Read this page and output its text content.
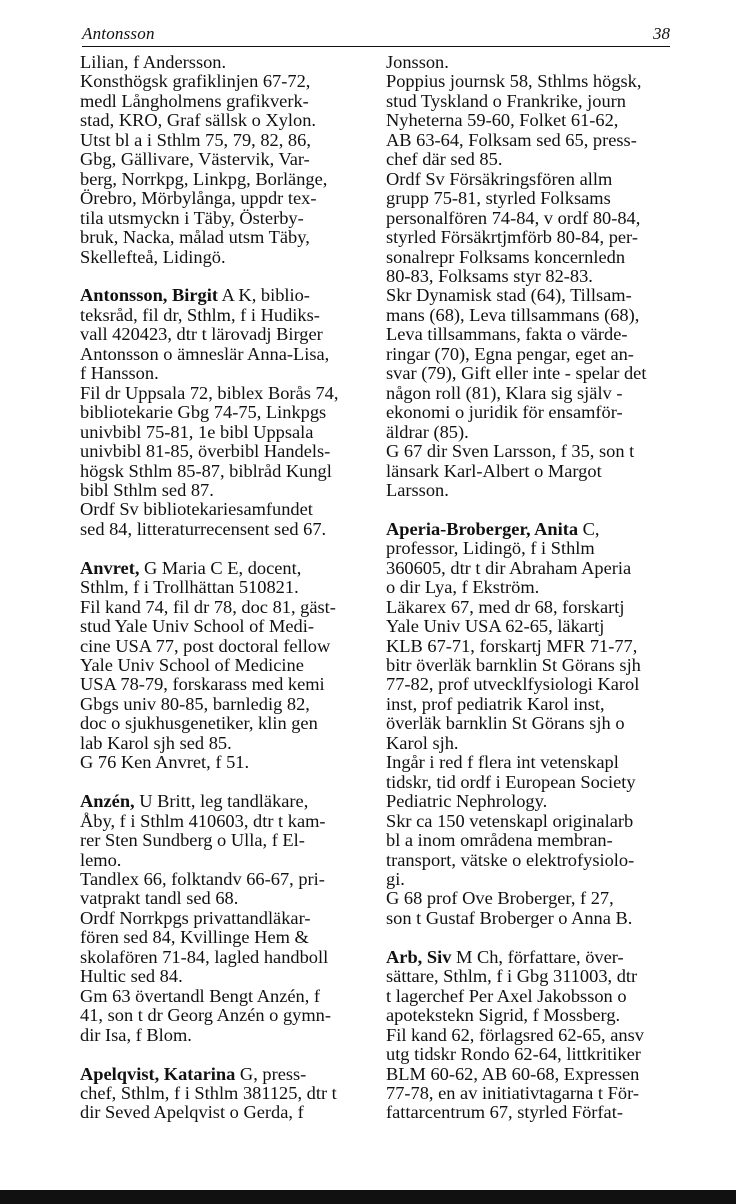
Antonsson	38
Lilian, f Andersson.
Konsthögsk grafiklinjen 67-72,
medl Långholmens grafikverk-
stad, KRO, Graf sällsk o Xylon.
Utst bl a i Sthlm 75, 79, 82, 86,
Gbg, Gällivare, Västervik, Var-
berg, Norrkpg, Linkpg, Borlänge,
Örebro, Mörbylånga, uppdr tex-
tila utsmyckn i Täby, Österby-
bruk, Nacka, målad utsm Täby,
Skellefteå, Lidingö.
Antonsson, Birgit A K, biblio-
teksråd, fil dr, Sthlm, f i Hudiks-
vall 420423, dtr t lärovadj Birger
Antonsson o ämneslär Anna-Lisa,
f Hansson.
Fil dr Uppsala 72, biblex Borås 74,
bibliotekarie Gbg 74-75, Linkpgs
univbibl 75-81, 1e bibl Uppsala
univbibl 81-85, överbibl Handels-
högsk Sthlm 85-87, biblråd Kungl
bibl Sthlm sed 87.
Ordf Sv bibliotekariesamfundet
sed 84, litteraturrecensent sed 67.
Anvret, G Maria C E, docent,
Sthlm, f i Trollhättan 510821.
Fil kand 74, fil dr 78, doc 81, gäst-
stud Yale Univ School of Medi-
cine USA 77, post doctoral fellow
Yale Univ School of Medicine
USA 78-79, forskarass med kemi
Gbgs univ 80-85, barnledig 82,
doc o sjukhusgenetiker, klin gen
lab Karol sjh sed 85.
G 76 Ken Anvret, f 51.
Anzén, U Britt, leg tandläkare,
Åby, f i Sthlm 410603, dtr t kam-
rer Sten Sundberg o Ulla, f El-
lemo.
Tandlex 66, folktandv 66-67, pri-
vatprakt tandl sed 68.
Ordf Norrkpgs privattandläkar-
fören sed 84, Kvillinge Hem &
skolafören 71-84, lagled handboll
Hultic sed 84.
Gm 63 övertandl Bengt Anzén, f
41, son t dr Georg Anzén o gymn-
dir Isa, f Blom.
Apelqvist, Katarina G, press-
chef, Sthlm, f i Sthlm 381125, dtr t
dir Seved Apelqvist o Gerda, f
Jonsson.
Poppius journsk 58, Sthlms högsk,
stud Tyskland o Frankrike, journ
Nyheterna 59-60, Folket 61-62,
AB 63-64, Folksam sed 65, press-
chef där sed 85.
Ordf Sv Försäkringsfören allm
grupp 75-81, styrled Folksams
personalfören 74-84, v ordf 80-84,
styrled Försäkrtjmförb 80-84, per-
sonalrepr Folksams koncernledn
80-83, Folksams styr 82-83.
Skr Dynamisk stad (64), Tillsam-
mans (68), Leva tillsammans (68),
Leva tillsammans, fakta o värde-
ringar (70), Egna pengar, eget an-
svar (79), Gift eller inte - spelar det
någon roll (81), Klara sig själv -
ekonomi o juridik för ensamför-
äldrar (85).
G 67 dir Sven Larsson, f 35, son t
länsark Karl-Albert o Margot
Larsson.
Aperia-Broberger, Anita C,
professor, Lidingö, f i Sthlm
360605, dtr t dir Abraham Aperia
o dir Lya, f Ekström.
Läkarex 67, med dr 68, forskartj
Yale Univ USA 62-65, läkartj
KLB 67-71, forskartj MFR 71-77,
bitr överläk barnklin St Görans sjh
77-82, prof utvecklfysiologi Karol
inst, prof pediatrik Karol inst,
överläk barnklin St Görans sjh o
Karol sjh.
Ingår i red f flera int vetenskapl
tidskr, tid ordf i European Society
Pediatric Nephrology.
Skr ca 150 vetenskapl originalarb
bl a inom områdena membran-
transport, vätske o elektrofysiolo-
gi.
G 68 prof Ove Broberger, f 27,
son t Gustaf Broberger o Anna B.
Arb, Siv M Ch, författare, över-
sättare, Sthlm, f i Gbg 311003, dtr
t lagerchef Per Axel Jakobsson o
apotekstekn Sigrid, f Mossberg.
Fil kand 62, förlagsred 62-65, ansv
utg tidskr Rondo 62-64, littkritiker
BLM 60-62, AB 60-68, Expressen
77-78, en av initiativtagarna t För-
fattarcentrum 67, styrled Förfat-
